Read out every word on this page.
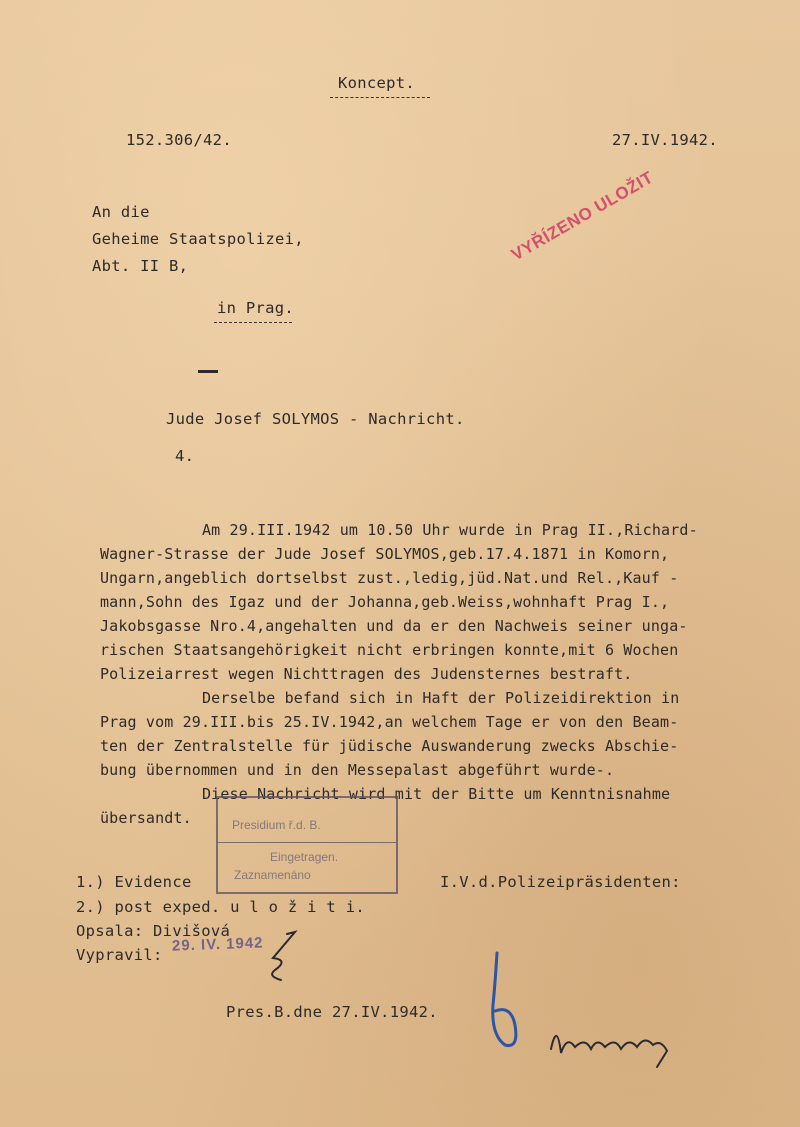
Koncept.
152.306/42.	27.IV.1942.
An die
Geheime Staatspolizei,
Abt. II B,
in Prag.
VYŘÍZENO ULOŽIT
Jude Josef SOLYMOS - Nachricht.
4.
Am 29.III.1942 um 10.50 Uhr wurde in Prag II.,Richard-
Wagner-Strasse der Jude Josef SOLYMOS,geb.17.4.1871 in Komorn,
Ungarn,angeblich dortselbst zust.,ledig,jüd.Nat.und Rel.,Kauf -
mann,Sohn des Igaz und der Johanna,geb.Weiss,wohnhaft Prag I.,
Jakobsgasse Nro.4,angehalten und da er den Nachweis seiner unga-
rischen Staatsangehörigkeit nicht erbringen konnte,mit 6 Wochen
Polizeiarrest wegen Nichttragen des Judensternes bestraft.
Derselbe befand sich in Haft der Polizeidirektion in
Prag vom 29.III.bis 25.IV.1942,an welchem Tage er von den Beam-
ten der Zentralstelle für jüdische Auswanderung zwecks Abschie-
bung übernommen und in den Messepalast abgeführt wurde-.
Diese Nachricht wird mit der Bitte um Kenntnisnahme
übersandt.	Presidium ř.d. B.
Eingetragen.
Zaznamenáno
1.) Evidence	I.V.d.Polizeipräsidenten:
2.) post exped. u l o ž i t i.
Opsala: Divišová
Vypravil:
29. IV. 1942
Pres.B.dne 27.IV.1942.
